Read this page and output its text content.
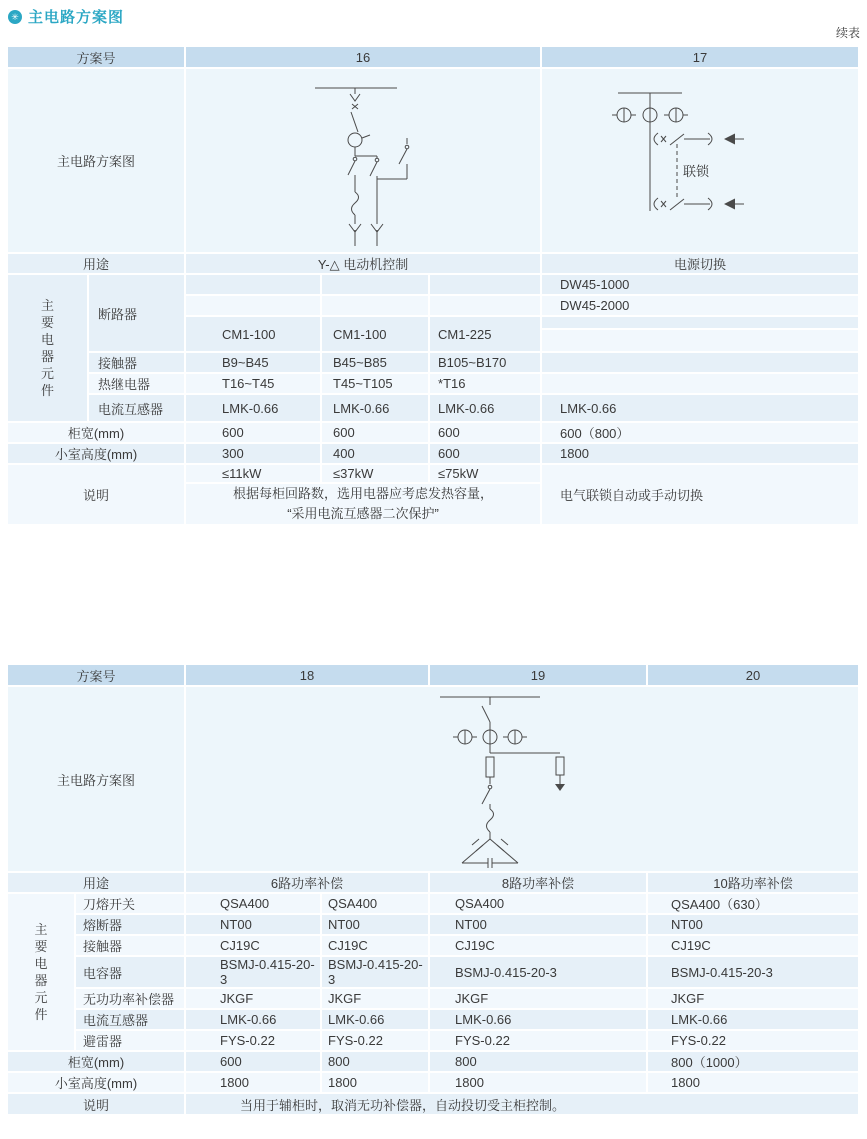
✳ 主电路方案图
续表
方案号		16			17
主电路方案图					联锁

用途		Y-△ 电动机控制			电源切换

主要电器元件	断路器				DW45-1000
					DW45-2000
		CM1-100	CM1-100	CM1-225	

	接触器	B9~B45	B45~B85	B105~B170	
	热继电器	T16~T45	T45~T105	*T16	
	电流互感器	LMK-0.66	LMK-0.66	LMK-0.66	LMK-0.66
柜宽(mm)		600	600	600	600（800）
小室高度(mm)		300	400	600	1800
说明		≤11kW	≤37kW	≤75kW	电气联锁自动或手动切换

		根据每柜回路数，选用电器应考虑发热容量，
“采用电流互感器二次保护”			
方案号		18		19	20
主电路方案图	

用途		6路功率补偿		8路功率补偿	10路功率补偿

主要电器元件	刀熔开关	QSA400	QSA400	QSA400	QSA400（630）
	熔断器	NT00	NT00	NT00	NT00
	接触器	CJ19C	CJ19C	CJ19C	CJ19C
	电容器	BSMJ-0.415-20-3	BSMJ-0.415-20-3	BSMJ-0.415-20-3	BSMJ-0.415-20-3
	无功功率补偿器	JKGF	JKGF	JKGF	JKGF
	电流互感器	LMK-0.66	LMK-0.66	LMK-0.66	LMK-0.66
	避雷器	FYS-0.22	FYS-0.22	FYS-0.22	FYS-0.22
柜宽(mm)		600	800	800	800（1000）
小室高度(mm)		1800	1800	1800	1800
说明		当用于辅柜时，取消无功补偿器，自动投切受主柜控制。			
